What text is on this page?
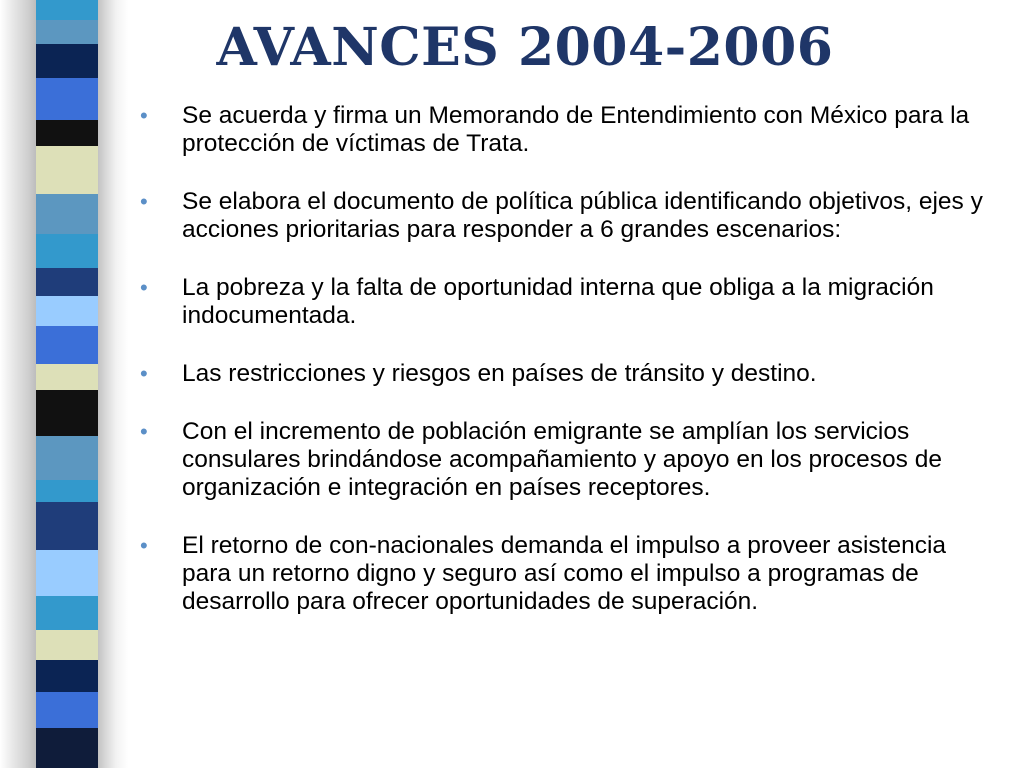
AVANCES 2004-2006
•	Se acuerda y firma un Memorando de Entendimiento con México para la protección de víctimas de Trata.
•	Se elabora el documento de política pública identificando objetivos, ejes y acciones prioritarias para responder a 6 grandes escenarios:
•	La pobreza y la falta de oportunidad interna que obliga a la migración indocumentada.
•	Las restricciones y riesgos en países de tránsito y destino.
•	Con el incremento de población emigrante se amplían los servicios consulares brindándose acompañamiento y apoyo en los procesos de organización e integración en países receptores.
•	El retorno de con-nacionales demanda el impulso a proveer asistencia para un retorno digno y seguro así como el impulso a programas de desarrollo para ofrecer oportunidades de superación.
